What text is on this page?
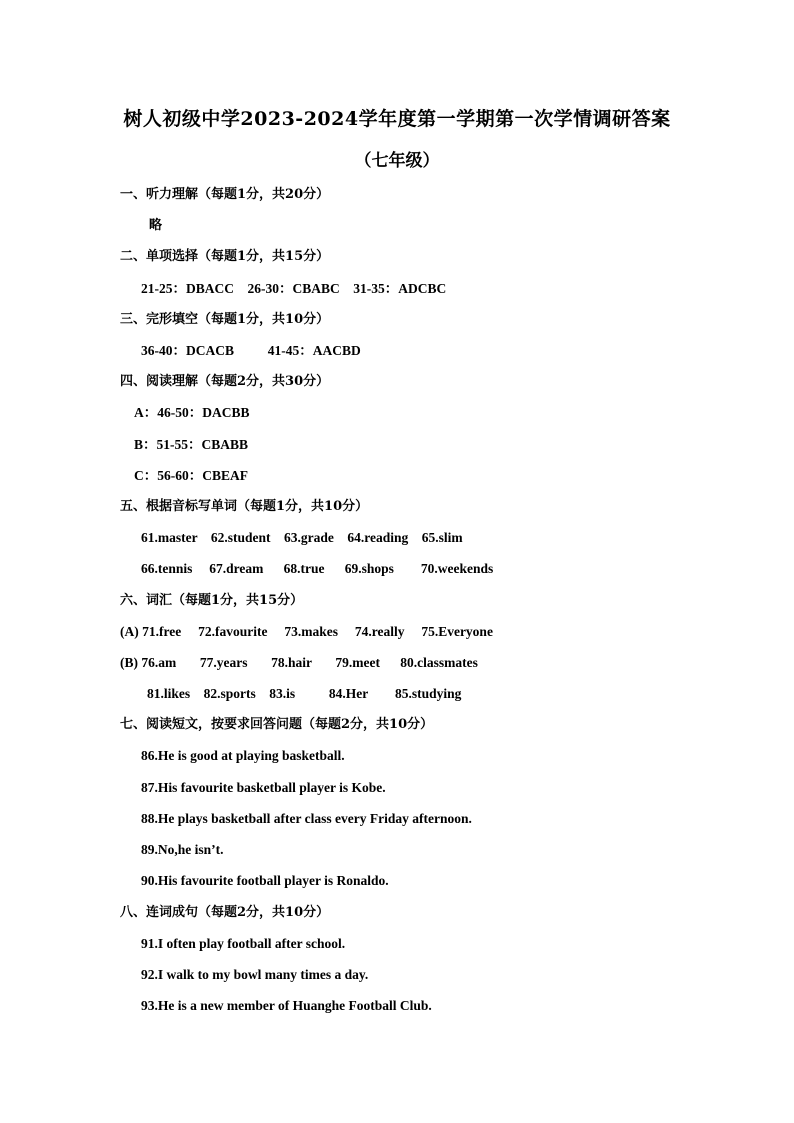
树人初级中学2023-2024学年度第一学期第一次学情调研答案
（七年级）
一、听力理解（每题1分，共20分）
略
二、单项选择（每题1分，共15分）
21-25：DBACC    26-30：CBABC    31-35：ADCBC
三、完形填空（每题1分，共10分）
36-40：DCACB          41-45：AACBD
四、阅读理解（每题2分，共30分）
A：46-50：DACBB
B：51-55：CBABB
C：56-60：CBEAF
五、根据音标写单词（每题1分，共10分）
61.master    62.student    63.grade    64.reading    65.slim
66.tennis     67.dream      68.true      69.shops        70.weekends
六、词汇（每题1分，共15分）
(A) 71.free     72.favourite     73.makes     74.really     75.Everyone
(B) 76.am       77.years       78.hair       79.meet      80.classmates
81.likes    82.sports    83.is          84.Her        85.studying
七、阅读短文，按要求回答问题（每题2分，共10分）
86.He is good at playing basketball.
87.His favourite basketball player is Kobe.
88.He plays basketball after class every Friday afternoon.
89.No,he isn’t.
90.His favourite football player is Ronaldo.
八、连词成句（每题2分，共10分）
91.I often play football after school.
92.I walk to my bowl many times a day.
93.He is a new member of Huanghe Football Club.
